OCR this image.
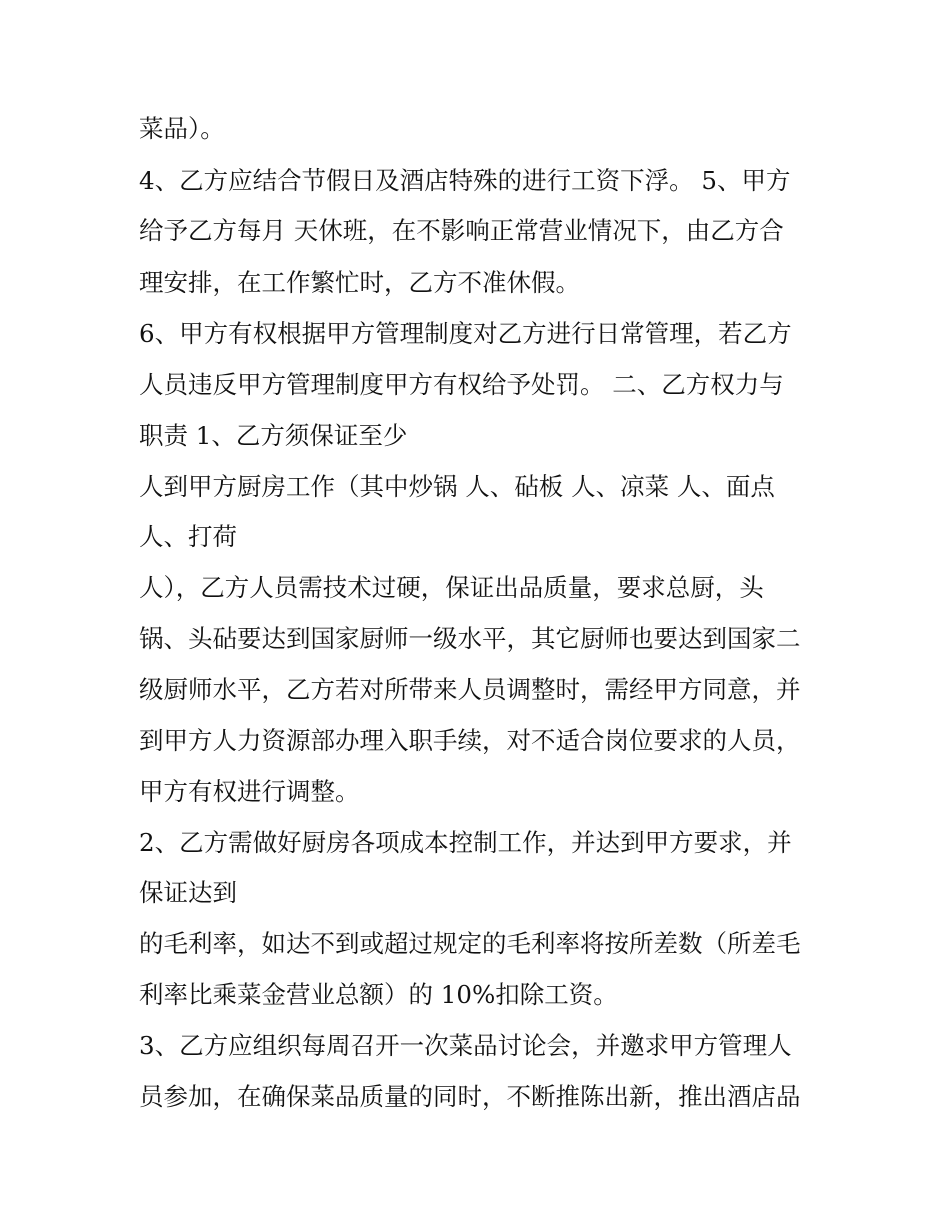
菜品）。
4、乙方应结合节假日及酒店特殊的进行工资下浮。 5、甲方
给予乙方每月 天休班，在不影响正常营业情况下，由乙方合
理安排，在工作繁忙时，乙方不准休假。
6、甲方有权根据甲方管理制度对乙方进行日常管理，若乙方
人员违反甲方管理制度甲方有权给予处罚。 二、乙方权力与
职责 1、乙方须保证至少
人到甲方厨房工作（其中炒锅 人、砧板 人、凉菜 人、面点
人、打荷
人），乙方人员需技术过硬，保证出品质量，要求总厨，头
锅、头砧要达到国家厨师一级水平，其它厨师也要达到国家二
级厨师水平，乙方若对所带来人员调整时，需经甲方同意，并
到甲方人力资源部办理入职手续，对不适合岗位要求的人员，
甲方有权进行调整。
2、乙方需做好厨房各项成本控制工作，并达到甲方要求，并
保证达到
的毛利率，如达不到或超过规定的毛利率将按所差数（所差毛
利率比乘菜金营业总额）的 10%扣除工资。
3、乙方应组织每周召开一次菜品讨论会，并邀求甲方管理人
员参加，在确保菜品质量的同时，不断推陈出新，推出酒店品
